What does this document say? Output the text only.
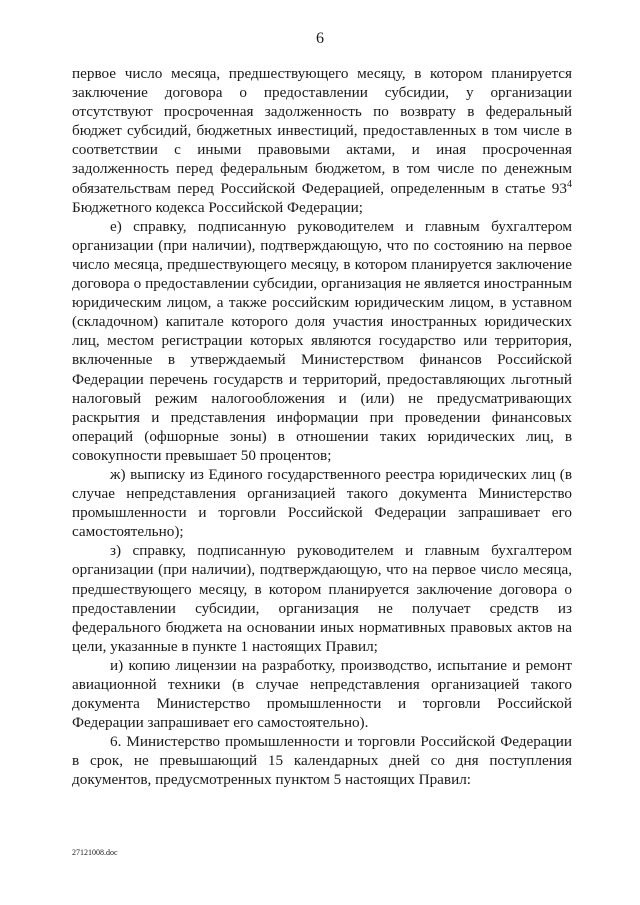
6

первое число месяца, предшествующего месяцу, в котором планируется заключение договора о предоставлении субсидии, у организации отсутствуют просроченная задолженность по возврату в федеральный бюджет субсидий, бюджетных инвестиций, предоставленных в том числе в соответствии с иными правовыми актами, и иная просроченная задолженность перед федеральным бюджетом, в том числе по денежным обязательствам перед Российской Федерацией, определенным в статье $93^4$ Бюджетного кодекса Российской Федерации;

е) справку, подписанную руководителем и главным бухгалтером организации (при наличии), подтверждающую, что по состоянию на первое число месяца, предшествующего месяцу, в котором планируется заключение договора о предоставлении субсидии, организация не является иностранным юридическим лицом, а также российским юридическим лицом, в уставном (складочном) капитале которого доля участия иностранных юридических лиц, местом регистрации которых являются государство или территория, включенные в утверждаемый Министерством финансов Российской Федерации перечень государств и территорий, предоставляющих льготный налоговый режим налогообложения и (или) не предусматривающих раскрытия и представления информации при проведении финансовых операций (офшорные зоны) в отношении таких юридических лиц, в совокупности превышает 50 процентов;

ж) выписку из Единого государственного реестра юридических лиц (в случае непредставления организацией такого документа Министерство промышленности и торговли Российской Федерации запрашивает его самостоятельно);

з) справку, подписанную руководителем и главным бухгалтером организации (при наличии), подтверждающую, что на первое число месяца, предшествующего месяцу, в котором планируется заключение договора о предоставлении субсидии, организация не получает средств из федерального бюджета на основании иных нормативных правовых актов на цели, указанные в пункте 1 настоящих Правил;

и) копию лицензии на разработку, производство, испытание и ремонт авиационной техники (в случае непредставления организацией такого документа Министерство промышленности и торговли Российской Федерации запрашивает его самостоятельно).

6. Министерство промышленности и торговли Российской Федерации в срок, не превышающий 15 календарных дней со дня поступления документов, предусмотренных пунктом 5 настоящих Правил:

27121008.doc
